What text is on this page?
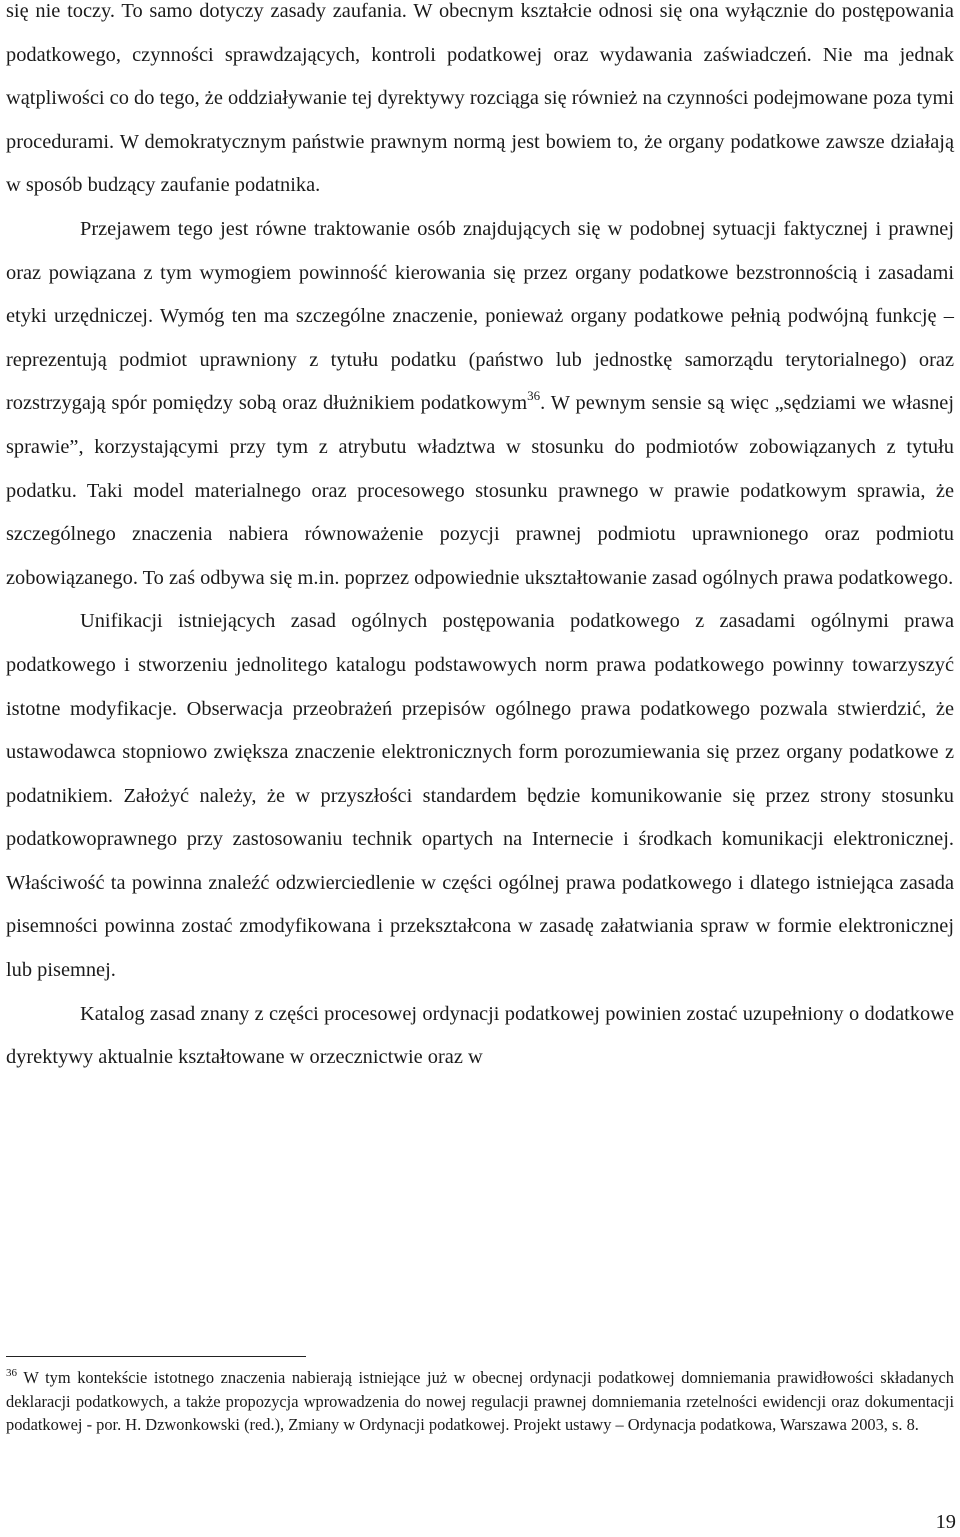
się nie toczy. To samo dotyczy zasady zaufania. W obecnym kształcie odnosi się ona wyłącznie do postępowania podatkowego, czynności sprawdzających, kontroli podatkowej oraz wydawania zaświadczeń. Nie ma jednak wątpliwości co do tego, że oddziaływanie tej dyrektywy rozciąga się również na czynności podejmowane poza tymi procedurami. W demokratycznym państwie prawnym normą jest bowiem to, że organy podatkowe zawsze działają w sposób budzący zaufanie podatnika.

Przejawem tego jest równe traktowanie osób znajdujących się w podobnej sytuacji faktycznej i prawnej oraz powiązana z tym wymogiem powinność kierowania się przez organy podatkowe bezstronnością i zasadami etyki urzędniczej. Wymóg ten ma szczególne znaczenie, ponieważ organy podatkowe pełnią podwójną funkcję – reprezentują podmiot uprawniony z tytułu podatku (państwo lub jednostkę samorządu terytorialnego) oraz rozstrzygają spór pomiędzy sobą oraz dłużnikiem podatkowym$^{36}$. W pewnym sensie są więc „sędziami we własnej sprawie”, korzystającymi przy tym z atrybutu władztwa w stosunku do podmiotów zobowiązanych z tytułu podatku. Taki model materialnego oraz procesowego stosunku prawnego w prawie podatkowym sprawia, że szczególnego znaczenia nabiera równoważenie pozycji prawnej podmiotu uprawnionego oraz podmiotu zobowiązanego. To zaś odbywa się m.in. poprzez odpowiednie ukształtowanie zasad ogólnych prawa podatkowego.

Unifikacji istniejących zasad ogólnych postępowania podatkowego z zasadami ogólnymi prawa podatkowego i stworzeniu jednolitego katalogu podstawowych norm prawa podatkowego powinny towarzyszyć istotne modyfikacje. Obserwacja przeobrażeń przepisów ogólnego prawa podatkowego pozwala stwierdzić, że ustawodawca stopniowo zwiększa znaczenie elektronicznych form porozumiewania się przez organy podatkowe z podatnikiem. Założyć należy, że w przyszłości standardem będzie komunikowanie się przez strony stosunku podatkowoprawnego przy zastosowaniu technik opartych na Internecie i środkach komunikacji elektronicznej. Właściwość ta powinna znaleźć odzwierciedlenie w części ogólnej prawa podatkowego i dlatego istniejąca zasada pisemności powinna zostać zmodyfikowana i przekształcona w zasadę załatwiania spraw w formie elektronicznej lub pisemnej.

Katalog zasad znany z części procesowej ordynacji podatkowej powinien zostać uzupełniony o dodatkowe dyrektywy aktualnie kształtowane w orzecznictwie oraz w

$^{36}$ W tym kontekście istotnego znaczenia nabierają istniejące już w obecnej ordynacji podatkowej domniemania prawidłowości składanych deklaracji podatkowych, a także propozycja wprowadzenia do nowej regulacji prawnej domniemania rzetelności ewidencji oraz dokumentacji podatkowej - por. H. Dzwonkowski (red.), Zmiany w Ordynacji podatkowej. Projekt ustawy – Ordynacja podatkowa, Warszawa 2003, s. 8.

19
